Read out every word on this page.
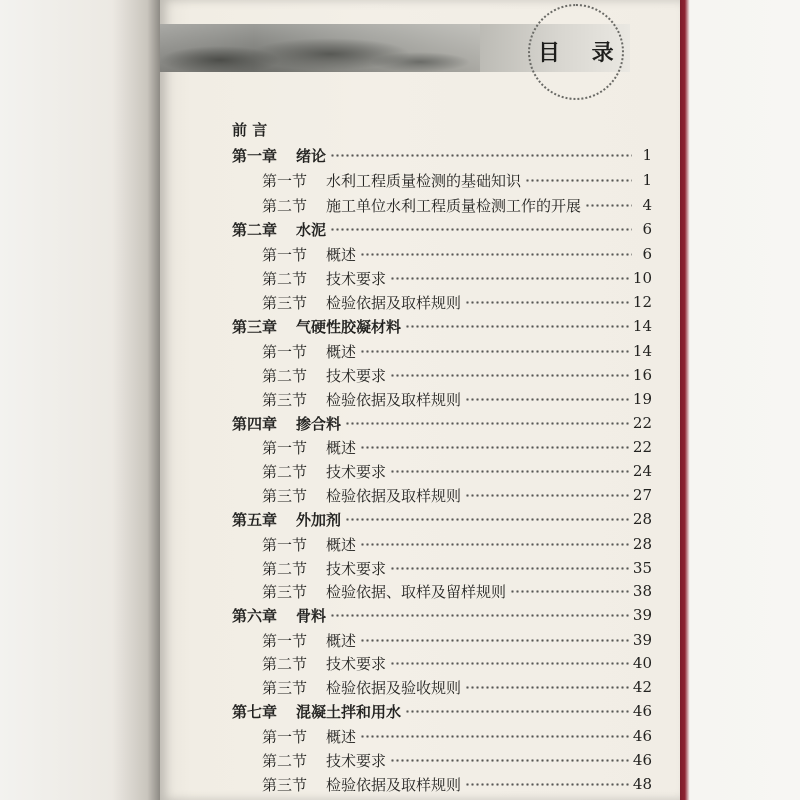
目 录
前 言
第一章	绪论	1
第一节	水利工程质量检测的基础知识	1
第二节	施工单位水利工程质量检测工作的开展	4
第二章	水泥	6
第一节	概述	6
第二节	技术要求	10
第三节	检验依据及取样规则	12
第三章	气硬性胶凝材料	14
第一节	概述	14
第二节	技术要求	16
第三节	检验依据及取样规则	19
第四章	掺合料	22
第一节	概述	22
第二节	技术要求	24
第三节	检验依据及取样规则	27
第五章	外加剂	28
第一节	概述	28
第二节	技术要求	35
第三节	检验依据、取样及留样规则	38
第六章	骨料	39
第一节	概述	39
第二节	技术要求	40
第三节	检验依据及验收规则	42
第七章	混凝土拌和用水	46
第一节	概述	46
第二节	技术要求	46
第三节	检验依据及取样规则	48
